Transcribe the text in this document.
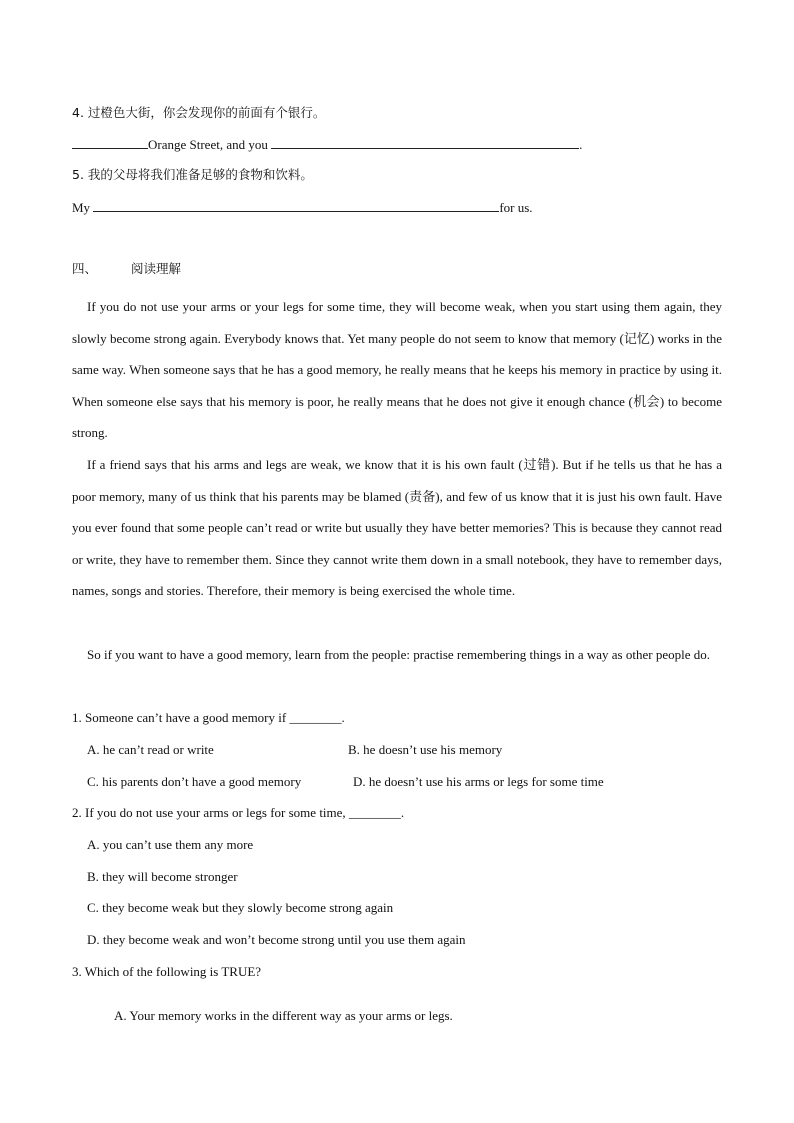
4. 过橙色大街，你会发现你的前面有个银行。
Orange Street, and you	.
5. 我的父母将我们准备足够的食物和饮料。
My	for us.
四、	阅读理解
If you do not use your arms or your legs for some time, they will become weak, when you start using them again, they slowly become strong again. Everybody knows that. Yet many people do not seem to know that memory (记忆) works in the same way. When someone says that he has a good memory, he really means that he keeps his memory in practice by using it. When someone else says that his memory is poor, he really means that he does not give it enough chance (机会) to become strong.
If a friend says that his arms and legs are weak, we know that it is his own fault (过错). But if he tells us that he has a poor memory, many of us think that his parents may be blamed (责备), and few of us know that it is just his own fault. Have you ever found that some people can’t read or write but usually they have better memories? This is because they cannot read or write, they have to remember them. Since they cannot write them down in a small notebook, they have to remember days, names, songs and stories. Therefore, their memory is being exercised the whole time.
So if you want to have a good memory, learn from the people: practise remembering things in a way as other people do.
1. Someone can’t have a good memory if ________.
A. he can’t read or write	B. he doesn’t use his memory
C. his parents don’t have a good memory	D. he doesn’t use his arms or legs for some time
2. If you do not use your arms or legs for some time, ________.
A. you can’t use them any more
B. they will become stronger
C. they become weak but they slowly become strong again
D. they become weak and won’t become strong until you use them again
3. Which of the following is TRUE?
A. Your memory works in the different way as your arms or legs.
